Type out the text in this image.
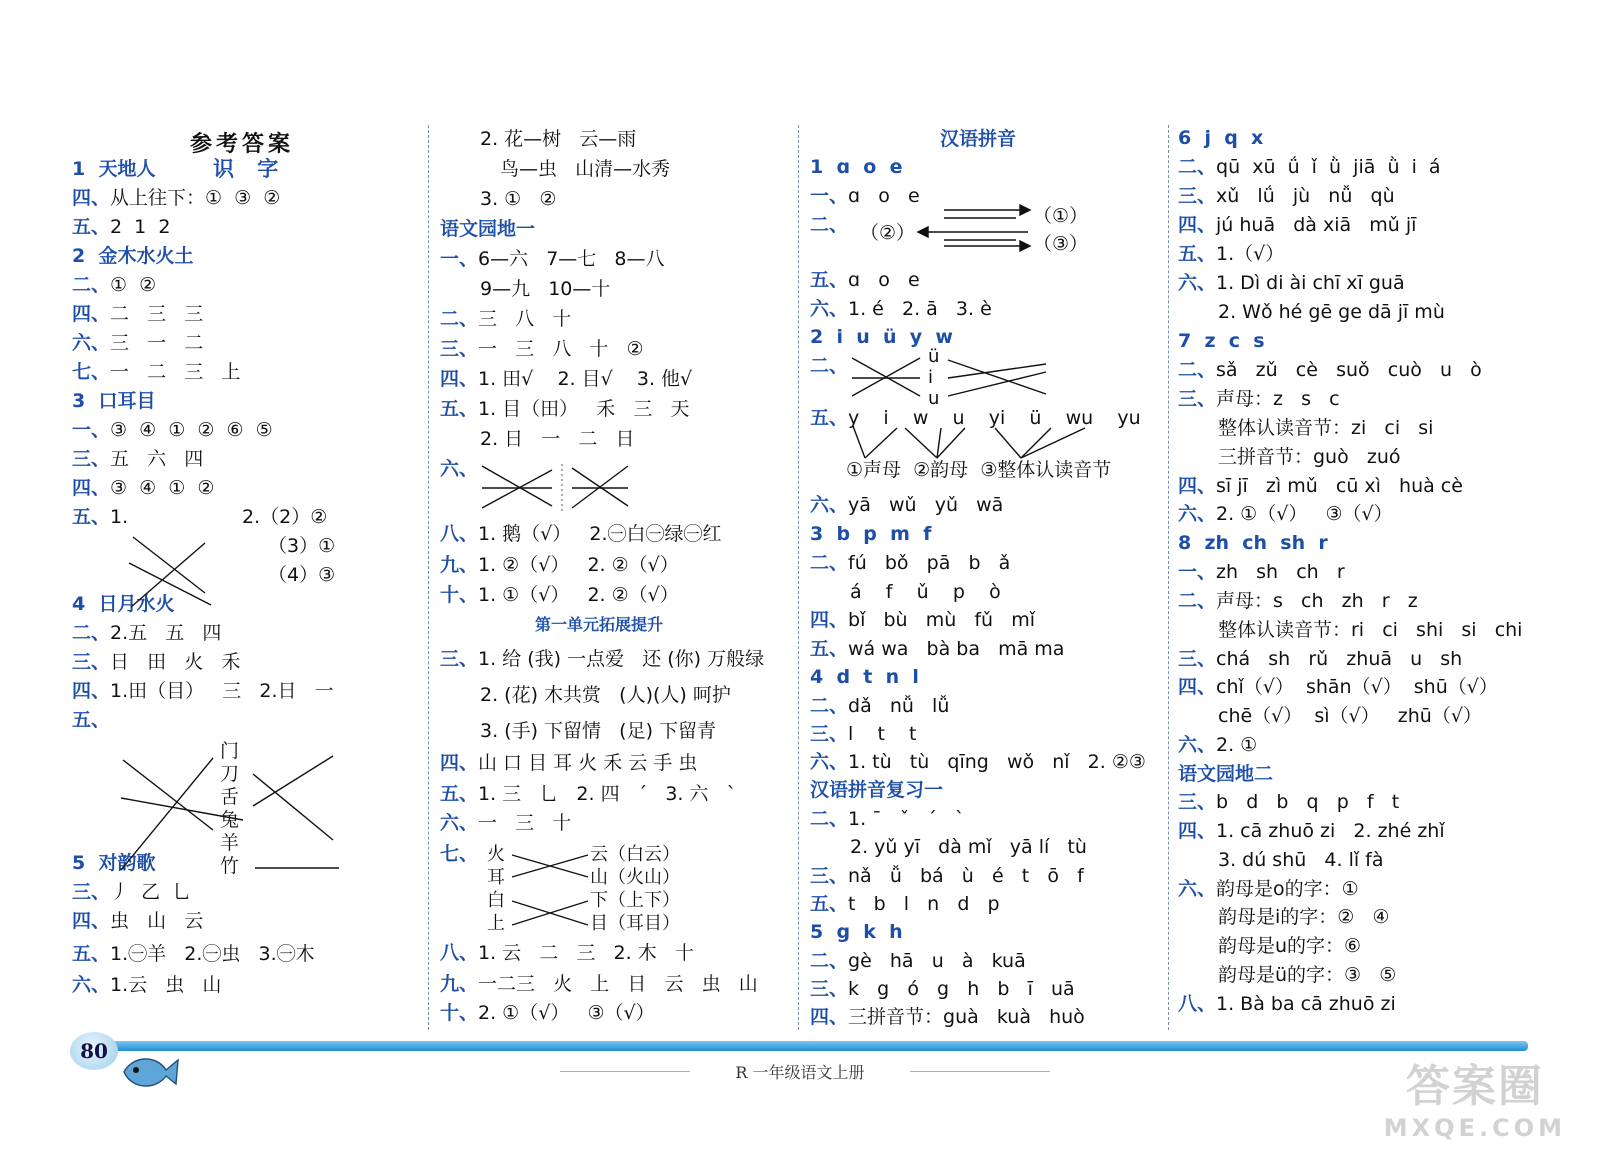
参考答案
识 字
1  天地人
四、从上往下：①  ③  ②
五、2  1  2
2  金木水火土
二、①  ②
四、二   三   三
六、三   一   二
七、一   二   三   上
3  口耳目
一、③  ④  ①  ②  ⑥  ⑤
三、五   六   四
四、③  ④  ①  ②
五、1.	2.（2）②
（3）①
（4）③
4  日月水火
二、2.五   五   四
三、日   田   火   禾
四、1.田（目）   三   2.日   一
五、
5  对韵歌
三、丿  乙  乚
四、虫   山   云
五、1.㊀羊   2.㊀虫   3.㊀木
六、1.云   虫   山
2. 花—树   云—雨
鸟—虫   山清—水秀
3. ①   ②
语文园地一
一、6—六   7—七   8—八
9—九   10—十
二、三   八   十
三、一   三   八   十   ②
四、1. 田√    2. 目√    3. 他√
五、1. 目（田）   禾   三   天
2. 日   一   二   日
六、
八、1. 鹅（√）   2.㊀白㊀绿㊀红
九、1. ②（√）   2. ②（√）
十、1. ①（√）   2. ②（√）
第一单元拓展提升
三、1. 给 (我) 一点爱   还 (你) 万般绿
2. (花) 木共赏   (人)(人) 呵护
3. (手) 下留情   (足) 下留青
四、山 口 目 耳 火 禾 云 手 虫
五、1. 三   乚   2. 四   ˊ   3. 六   ˋ
六、一   三   十
七、
八、1. 云   二   三   2. 木   十
九、一二三   火   上   日   云   虫   山
十、2. ①（√）   ③（√）
汉语拼音
1  ɑ  o  e
一、ɑ   o   e
二、
五、ɑ   o   e
六、1. é   2. ā   3. è
2  i  u  ü  y  w
二、
五、y    i    w    u    yi    ü    wu    yu
①声母  ②韵母  ③整体认读音节
六、yā   wǔ   yǔ   wā
3  b  p  m  f
二、fú   bǒ   pā   b   ǎ
á    f    ǔ    p    ò
四、bǐ   bù   mù   fǔ   mǐ
五、wá wa   bà ba   mā ma
4  d  t  n  l
二、dǎ   nǚ   lǚ
三、l    t    t
六、1. tù   tù   qīng   wǒ   nǐ   2. ②③
汉语拼音复习一
二、1. ˉ   ˇ   ˊ   ˋ
2. yǔ yī   dà mǐ   yā lí   tù
三、nǎ   ǚ   bá   ù   é   t   ō   f
五、t   b   l   n   d   p
5  g  k  h
二、gè   hā   u   à   kuā
三、k   g   ó   g   h   b   ī   uā
四、三拼音节：guà   kuà   huò
6  j  q  x
二、qū  xū  ǘ  ǐ  ǜ  jiā  ǜ  i  á
三、xǔ   lǘ   jù   nǚ   qù
四、jú huā   dà xiā   mǔ jī
五、1.（√）
六、1. Dì di ài chī xī guā
2. Wǒ hé gē ge dā jī mù
7  z  c  s
二、sǎ   zǔ   cè   suǒ   cuò   u   ò
三、声母：z   s   c
整体认读音节：zi   ci   si
三拼音节：guò   zuó
四、sī jī   zì mǔ   cū xì   huà cè
六、2. ①（√）   ③（√）
8  zh  ch  sh  r
一、zh   sh   ch   r
二、声母：s   ch   zh   r   z
整体认读音节：ri   ci   shi   si   chi
三、chá   sh   rǔ   zhuā   u   sh
四、chǐ（√）  shān（√）  shū（√）
chē（√）  sì（√）   zhū（√）
六、2. ①
语文园地二
三、b   d   b   q   p   f   t
四、1. cā zhuō zi   2. zhé zhǐ
3. dú shū   4. lǐ fà
六、韵母是o的字：①
韵母是i的字：②   ④
韵母是u的字：⑥
韵母是ü的字：③   ⑤
八、1. Bà ba cā zhuō zi
门
刀
舌
兔
羊
竹
火
耳
白
上
云（白云）
山（火山）
下（上下）
目（耳目）
（②）
（①）
（③）
ü
i
u
80
R 一年级语文上册	答案圈
MXQE.COM
